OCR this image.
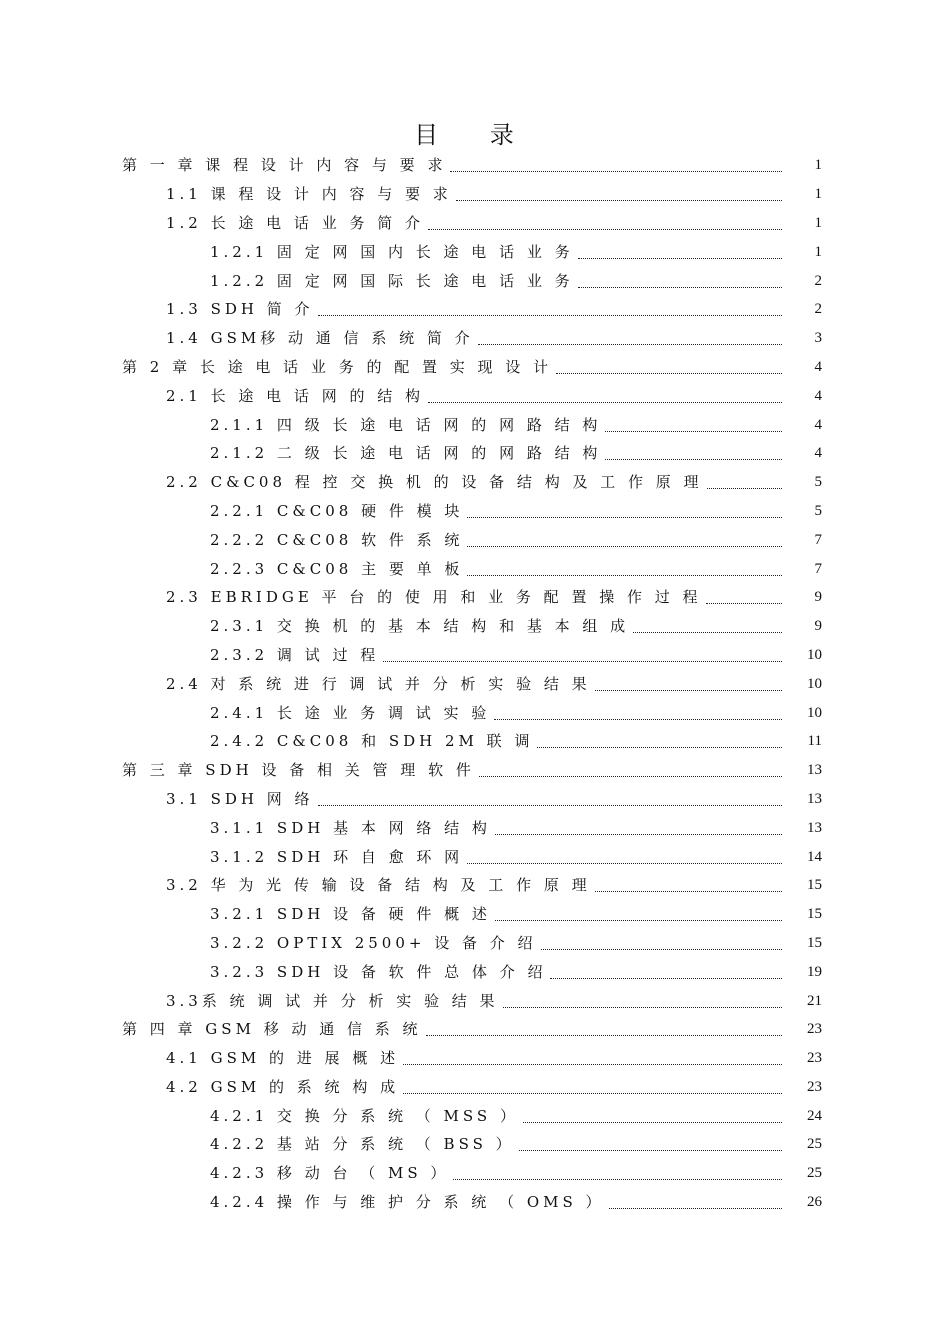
目 录
第 一 章 课 程 设 计 内 容 与 要 求	1
1.1 课 程 设 计 内 容 与 要 求	1
1.2 长 途 电 话 业 务 简 介	1
1.2.1 固 定 网 国 内 长 途 电 话 业 务	1
1.2.2 固 定 网 国 际 长 途 电 话 业 务	2
1.3 SDH 简 介	2
1.4 GSM移 动 通 信 系 统 简 介	3
第 2 章 长 途 电 话 业 务 的 配 置 实 现 设 计	4
2.1 长 途 电 话 网 的 结 构	4
2.1.1 四 级 长 途 电 话 网 的 网 路 结 构	4
2.1.2 二 级 长 途 电 话 网 的 网 路 结 构	4
2.2 C&C08 程 控 交 换 机 的 设 备 结 构 及 工 作 原 理	5
2.2.1 C&C08 硬 件 模 块	5
2.2.2 C&C08 软 件 系 统	7
2.2.3 C&C08 主 要 单 板	7
2.3 EBRIDGE 平 台 的 使 用 和 业 务 配 置 操 作 过 程	9
2.3.1 交 换 机 的 基 本 结 构 和 基 本 组 成	9
2.3.2 调 试 过 程	10
2.4 对 系 统 进 行 调 试 并 分 析 实 验 结 果	10
2.4.1 长 途 业 务 调 试 实 验	10
2.4.2 C&C08 和 SDH 2M 联 调	11
第 三 章 SDH 设 备 相 关 管 理 软 件	13
3.1 SDH 网 络	13
3.1.1 SDH 基 本 网 络 结 构	13
3.1.2 SDH 环 自 愈 环 网	14
3.2 华 为 光 传 输 设 备 结 构 及 工 作 原 理	15
3.2.1 SDH 设 备 硬 件 概 述	15
3.2.2 OPTIX 2500+ 设 备 介 绍	15
3.2.3 SDH 设 备 软 件 总 体 介 绍	19
3.3系 统 调 试 并 分 析 实 验 结 果	21
第 四 章 GSM 移 动 通 信 系 统	23
4.1 GSM 的 进 展 概 述	23
4.2 GSM 的 系 统 构 成	23
4.2.1 交 换 分 系 统 （ MSS ）	24
4.2.2 基 站 分 系 统 （ BSS ）	25
4.2.3 移 动 台 （ MS ）	25
4.2.4 操 作 与 维 护 分 系 统 （ OMS ）	26
